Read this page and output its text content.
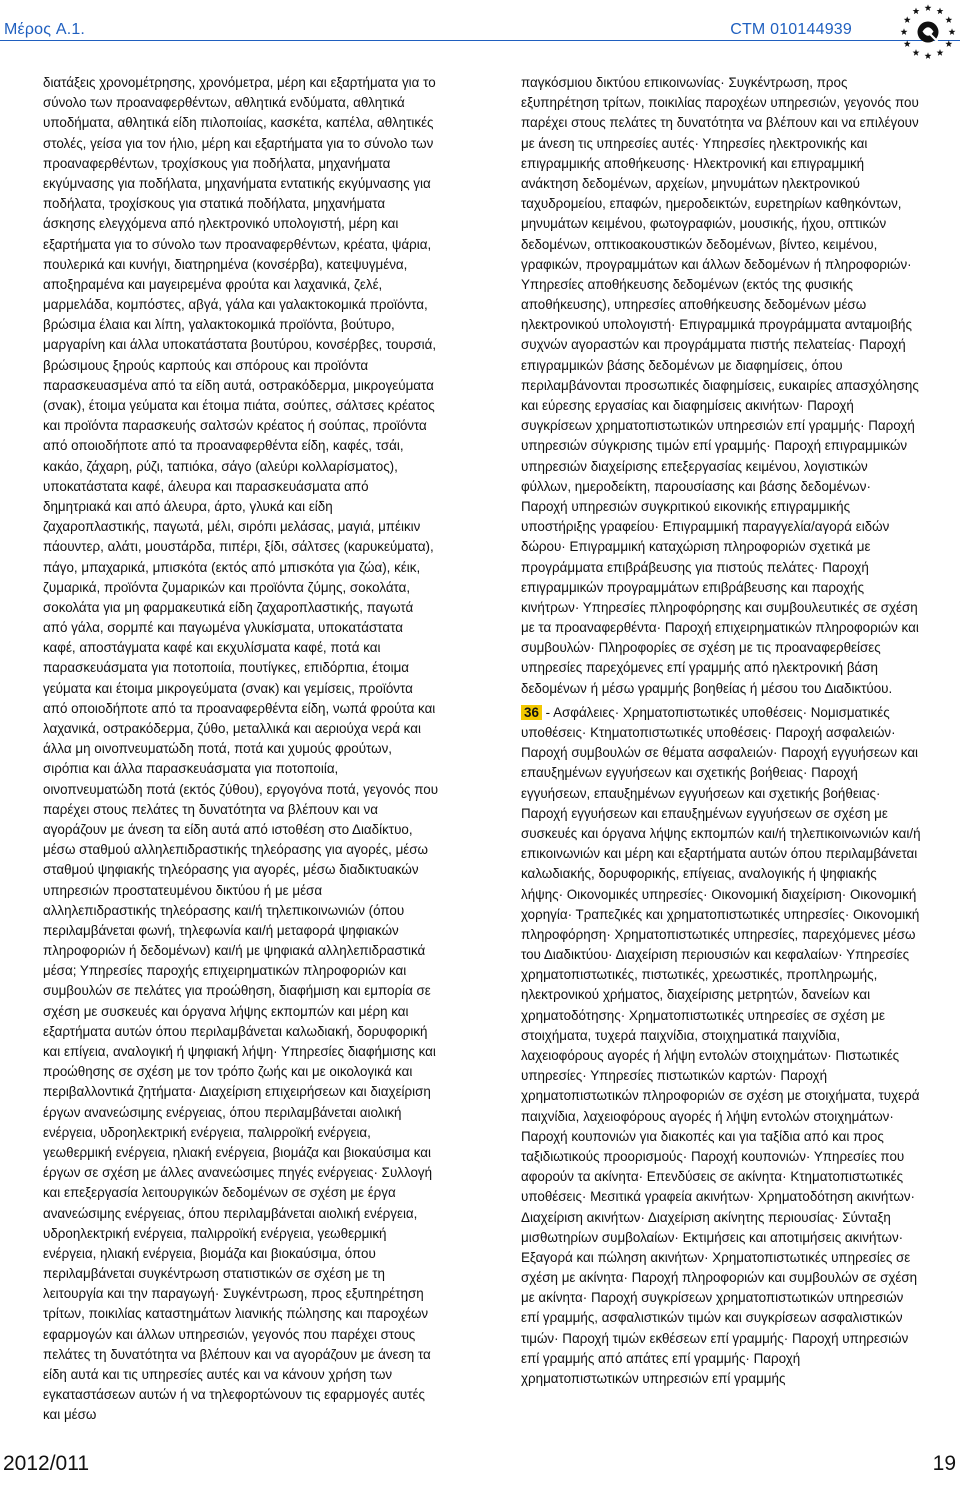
Μέρος A.1.	CTM 010144939

διατάξεις χρονομέτρησης, χρονόμετρα, μέρη και εξαρτήματα για το σύνολο των προαναφερθέντων, αθλητικά ενδύματα, αθλητικά υποδήματα, αθλητικά είδη πιλοποιίας, κασκέτα, καπέλα, αθλητικές στολές, γείσα για τον ήλιο, μέρη και εξαρτήματα για το σύνολο των προαναφερθέντων, τροχίσκους για ποδήλατα, μηχανήματα εκγύμνασης για ποδήλατα, μηχανήματα εντατικής εκγύμνασης για ποδήλατα, τροχίσκους για στατικά ποδήλατα, μηχανήματα άσκησης ελεγχόμενα από ηλεκτρονικό υπολογιστή, μέρη και εξαρτήματα για το σύνολο των προαναφερθέντων, κρέατα, ψάρια, πουλερικά και κυνήγι, διατηρημένα (κονσέρβα), κατεψυγμένα, αποξηραμένα και μαγειρεμένα φρούτα και λαχανικά, ζελέ, μαρμελάδα, κομπόστες, αβγά, γάλα και γαλακτοκομικά προϊόντα, βρώσιμα έλαια και λίπη, γαλακτοκομικά προϊόντα, βούτυρο, μαργαρίνη και άλλα υποκατάστατα βουτύρου, κονσέρβες, τουρσιά, βρώσιμους ξηρούς καρπούς και σπόρους και προϊόντα παρασκευασμένα από τα είδη αυτά, οστρακόδερμα, μικρογεύματα (σνακ), έτοιμα γεύματα και έτοιμα πιάτα, σούπες, σάλτσες κρέατος και προϊόντα παρασκευής σαλτσών κρέατος ή σούπας, προϊόντα από οποιοδήποτε από τα προαναφερθέντα είδη, καφές, τσάι, κακάο, ζάχαρη, ρύζι, ταπιόκα, σάγο (αλεύρι κολλαρίσματος), υποκατάστατα καφέ, άλευρα και παρασκευάσματα από δημητριακά και από άλευρα, άρτο, γλυκά και είδη ζαχαροπλαστικής, παγωτά, μέλι, σιρόπι μελάσας, μαγιά, μπέικιν πάουντερ, αλάτι, μουστάρδα, πιπέρι, ξίδι, σάλτσες (καρυκεύματα), πάγο, μπαχαρικά, μπισκότα (εκτός από μπισκότα για ζώα), κέικ, ζυμαρικά, προϊόντα ζυμαρικών και προϊόντα ζύμης, σοκολάτα, σοκολάτα για μη φαρμακευτικά είδη ζαχαροπλαστικής, παγωτά από γάλα, σορμπέ και παγωμένα γλυκίσματα, υποκατάστατα καφέ, αποστάγματα καφέ και εκχυλίσματα καφέ, ποτά και παρασκευάσματα για ποτοποιία, πουτίγκες, επιδόρπια, έτοιμα γεύματα και έτοιμα μικρογεύματα (σνακ) και γεμίσεις, προϊόντα από οποιοδήποτε από τα προαναφερθέντα είδη, νωπά φρούτα και λαχανικά, οστρακόδερμα, ζύθο, μεταλλικά και αεριούχα νερά και άλλα μη οινοπνευματώδη ποτά, ποτά και χυμούς φρούτων, σιρόπια και άλλα παρασκευάσματα για ποτοποιία, οινοπνευματώδη ποτά (εκτός ζύθου), εργογόνα ποτά, γεγονός που παρέχει στους πελάτες τη δυνατότητα να βλέπουν και να αγοράζουν με άνεση τα είδη αυτά από ιστοθέση στο Διαδίκτυο, μέσω σταθμού αλληλεπιδραστικής τηλεόρασης για αγορές, μέσω σταθμού ψηφιακής τηλεόρασης για αγορές, μέσω διαδικτυακών υπηρεσιών προστατευμένου δικτύου ή με μέσα αλληλεπιδραστικής τηλεόρασης και/ή τηλεπικοινωνιών (όπου περιλαμβάνεται φωνή, τηλεφωνία και/ή μεταφορά ψηφιακών πληροφοριών ή δεδομένων) και/ή με ψηφιακά αλληλεπιδραστικά μέσα; Υπηρεσίες παροχής επιχειρηματικών πληροφοριών και συμβουλών σε πελάτες για προώθηση, διαφήμιση και εμπορία σε σχέση με συσκευές και όργανα λήψης εκπομπών και μέρη και εξαρτήματα αυτών όπου περιλαμβάνεται καλωδιακή, δορυφορική και επίγεια, αναλογική ή ψηφιακή λήψη· Υπηρεσίες διαφήμισης και προώθησης σε σχέση με τον τρόπο ζωής και με οικολογικά και περιβαλλοντικά ζητήματα· Διαχείριση επιχειρήσεων και διαχείριση έργων ανανεώσιμης ενέργειας, όπου περιλαμβάνεται αιολική ενέργεια, υδροηλεκτρική ενέργεια, παλιρροϊκή ενέργεια, γεωθερμική ενέργεια, ηλιακή ενέργεια, βιομάζα και βιοκαύσιμα και έργων σε σχέση με άλλες ανανεώσιμες πηγές ενέργειας· Συλλογή και επεξεργασία λειτουργικών δεδομένων σε σχέση με έργα ανανεώσιμης ενέργειας, όπου περιλαμβάνεται αιολική ενέργεια, υδροηλεκτρική ενέργεια, παλιρροϊκή ενέργεια, γεωθερμική ενέργεια, ηλιακή ενέργεια, βιομάζα και βιοκαύσιμα, όπου περιλαμβάνεται συγκέντρωση στατιστικών σε σχέση με τη λειτουργία και την παραγωγή· Συγκέντρωση, προς εξυπηρέτηση τρίτων, ποικιλίας καταστημάτων λιανικής πώλησης και παροχέων εφαρμογών και άλλων υπηρεσιών, γεγονός που παρέχει στους πελάτες τη δυνατότητα να βλέπουν και να αγοράζουν με άνεση τα είδη αυτά και τις υπηρεσίες αυτές και να κάνουν χρήση των εγκαταστάσεων αυτών ή να τηλεφορτώνουν τις εφαρμογές αυτές και μέσω

παγκόσμιου δικτύου επικοινωνίας· Συγκέντρωση, προς εξυπηρέτηση τρίτων, ποικιλίας παροχέων υπηρεσιών, γεγονός που παρέχει στους πελάτες τη δυνατότητα να βλέπουν και να επιλέγουν με άνεση τις υπηρεσίες αυτές· Υπηρεσίες ηλεκτρονικής και επιγραμμικής αποθήκευσης· Ηλεκτρονική και επιγραμμική ανάκτηση δεδομένων, αρχείων, μηνυμάτων ηλεκτρονικού ταχυδρομείου, επαφών, ημεροδεικτών, ευρετηρίων καθηκόντων, μηνυμάτων κειμένου, φωτογραφιών, μουσικής, ήχου, οπτικών δεδομένων, οπτικοακουστικών δεδομένων, βίντεο, κειμένου, γραφικών, προγραμμάτων και άλλων δεδομένων ή πληροφοριών· Υπηρεσίες αποθήκευσης δεδομένων (εκτός της φυσικής αποθήκευσης), υπηρεσίες αποθήκευσης δεδομένων μέσω ηλεκτρονικού υπολογιστή· Επιγραμμικά προγράμματα ανταμοιβής συχνών αγοραστών και προγράμματα πιστής πελατείας· Παροχή επιγραμμικών βάσης δεδομένων με διαφημίσεις, όπου περιλαμβάνονται προσωπικές διαφημίσεις, ευκαιρίες απασχόλησης και εύρεσης εργασίας και διαφημίσεις ακινήτων· Παροχή συγκρίσεων χρηματοπιστωτικών υπηρεσιών επί γραμμής· Παροχή υπηρεσιών σύγκρισης τιμών επί γραμμής· Παροχή επιγραμμικών υπηρεσιών διαχείρισης επεξεργασίας κειμένου, λογιστικών φύλλων, ημεροδείκτη, παρουσίασης και βάσης δεδομένων· Παροχή υπηρεσιών συγκριτικού εικονικής επιγραμμικής υποστήριξης γραφείου· Επιγραμμική παραγγελία/αγορά ειδών δώρου· Επιγραμμική καταχώριση πληροφοριών σχετικά με προγράμματα επιβράβευσης για πιστούς πελάτες· Παροχή επιγραμμικών προγραμμάτων επιβράβευσης και παροχής κινήτρων· Υπηρεσίες πληροφόρησης και συμβουλευτικές σε σχέση με τα προαναφερθέντα· Παροχή επιχειρηματικών πληροφοριών και συμβουλών· Πληροφορίες σε σχέση με τις προαναφερθείσες υπηρεσίες παρεχόμενες επί γραμμής από ηλεκτρονική βάση δεδομένων ή μέσω γραμμής βοηθείας ή μέσου του Διαδικτύου.

36 - Ασφάλειες· Χρηματοπιστωτικές υποθέσεις· Νομισματικές υποθέσεις· Κτηματοπιστωτικές υποθέσεις· Παροχή ασφαλειών· Παροχή συμβουλών σε θέματα ασφαλειών· Παροχή εγγυήσεων και επαυξημένων εγγυήσεων και σχετικής βοήθειας· Παροχή εγγυήσεων, επαυξημένων εγγυήσεων και σχετικής βοήθειας· Παροχή εγγυήσεων και επαυξημένων εγγυήσεων σε σχέση με συσκευές και όργανα λήψης εκπομπών και/ή τηλεπικοινωνιών και/ή επικοινωνιών και μέρη και εξαρτήματα αυτών όπου περιλαμβάνεται καλωδιακής, δορυφορικής, επίγειας, αναλογικής ή ψηφιακής λήψης· Οικονομικές υπηρεσίες· Οικονομική διαχείριση· Οικονομική χορηγία· Τραπεζικές και χρηματοπιστωτικές υπηρεσίες· Οικονομική πληροφόρηση· Χρηματοπιστωτικές υπηρεσίες, παρεχόμενες μέσω του Διαδικτύου· Διαχείριση περιουσιών και κεφαλαίων· Υπηρεσίες χρηματοπιστωτικές, πιστωτικές, χρεωστικές, προπληρωμής, ηλεκτρονικού χρήματος, διαχείρισης μετρητών, δανείων και χρηματοδότησης· Χρηματοπιστωτικές υπηρεσίες σε σχέση με στοιχήματα, τυχερά παιχνίδια, στοιχηματικά παιχνίδια, λαχειοφόρους αγορές ή λήψη εντολών στοιχημάτων· Πιστωτικές υπηρεσίες· Υπηρεσίες πιστωτικών καρτών· Παροχή χρηματοπιστωτικών πληροφοριών σε σχέση με στοιχήματα, τυχερά παιχνίδια, λαχειοφόρους αγορές ή λήψη εντολών στοιχημάτων· Παροχή κουπονιών για διακοπές και για ταξίδια από και προς ταξιδιωτικούς προορισμούς· Παροχή κουπονιών· Υπηρεσίες που αφορούν τα ακίνητα· Επενδύσεις σε ακίνητα· Κτηματοπιστωτικές υποθέσεις· Μεσιτικά γραφεία ακινήτων· Χρηματοδότηση ακινήτων· Διαχείριση ακινήτων· Διαχείριση ακίνητης περιουσίας· Σύνταξη μισθωτηρίων συμβολαίων· Εκτιμήσεις και αποτιμήσεις ακινήτων· Εξαγορά και πώληση ακινήτων· Χρηματοπιστωτικές υπηρεσίες σε σχέση με ακίνητα· Παροχή πληροφοριών και συμβουλών σε σχέση με ακίνητα· Παροχή συγκρίσεων χρηματοπιστωτικών υπηρεσιών επί γραμμής, ασφαλιστικών τιμών και συγκρίσεων ασφαλιστικών τιμών· Παροχή τιμών εκθέσεων επί γραμμής· Παροχή υπηρεσιών επί γραμμής από απάτες επί γραμμής· Παροχή χρηματοπιστωτικών υπηρεσιών επί γραμμής

2012/011	19
